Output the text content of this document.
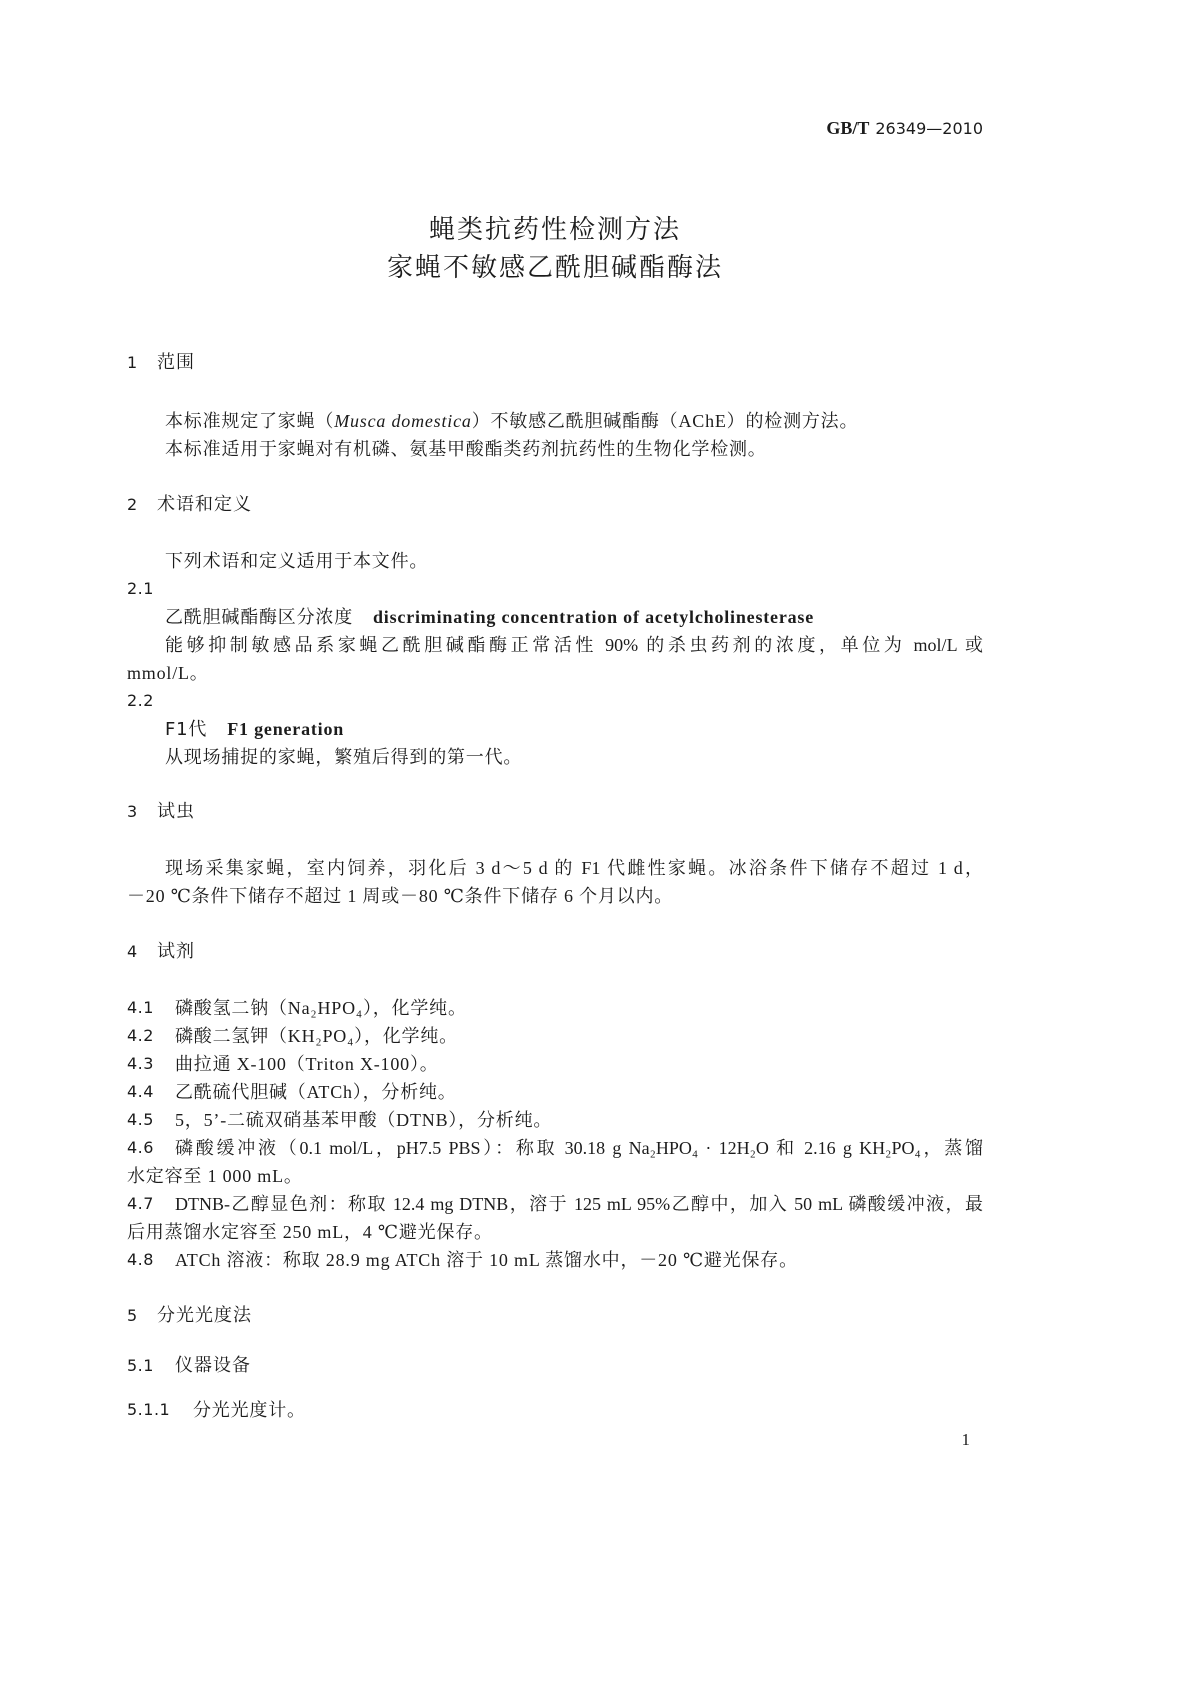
GB/T 26349—2010
蝇类抗药性检测方法
家蝇不敏感乙酰胆碱酯酶法
1 范围
本标准规定了家蝇（Musca domestica）不敏感乙酰胆碱酯酶（AChE）的检测方法。
本标准适用于家蝇对有机磷、氨基甲酸酯类药剂抗药性的生物化学检测。
2 术语和定义
下列术语和定义适用于本文件。
2.1
乙酰胆碱酯酶区分浓度 discriminating concentration of acetylcholinesterase
能够抑制敏感品系家蝇乙酰胆碱酯酶正常活性 90% 的杀虫药剂的浓度，单位为 mol/L 或
mmol/L。
2.2
F1代 F1 generation
从现场捕捉的家蝇，繁殖后得到的第一代。
3 试虫
现场采集家蝇，室内饲养，羽化后 3 d～5 d 的 F1 代雌性家蝇。冰浴条件下储存不超过 1 d，
－20 ℃条件下储存不超过 1 周或－80 ℃条件下储存 6 个月以内。
4 试剂
4.1 磷酸氢二钠（Na₂HPO₄），化学纯。
4.2 磷酸二氢钾（KH₂PO₄），化学纯。
4.3 曲拉通 X-100（Triton X-100）。
4.4 乙酰硫代胆碱（ATCh），分析纯。
4.5 5，5’-二硫双硝基苯甲酸（DTNB），分析纯。
4.6 磷酸缓冲液（0.1 mol/L，pH7.5 PBS）：称取 30.18 g Na₂HPO₄ · 12H₂O 和 2.16 g KH₂PO₄，蒸馏
水定容至 1 000 mL。
4.7 DTNB-乙醇显色剂：称取 12.4 mg DTNB，溶于 125 mL 95%乙醇中，加入 50 mL 磷酸缓冲液，最
后用蒸馏水定容至 250 mL，4 ℃避光保存。
4.8 ATCh 溶液：称取 28.9 mg ATCh 溶于 10 mL 蒸馏水中，－20 ℃避光保存。
5 分光光度法
5.1 仪器设备
5.1.1 分光光度计。
1
